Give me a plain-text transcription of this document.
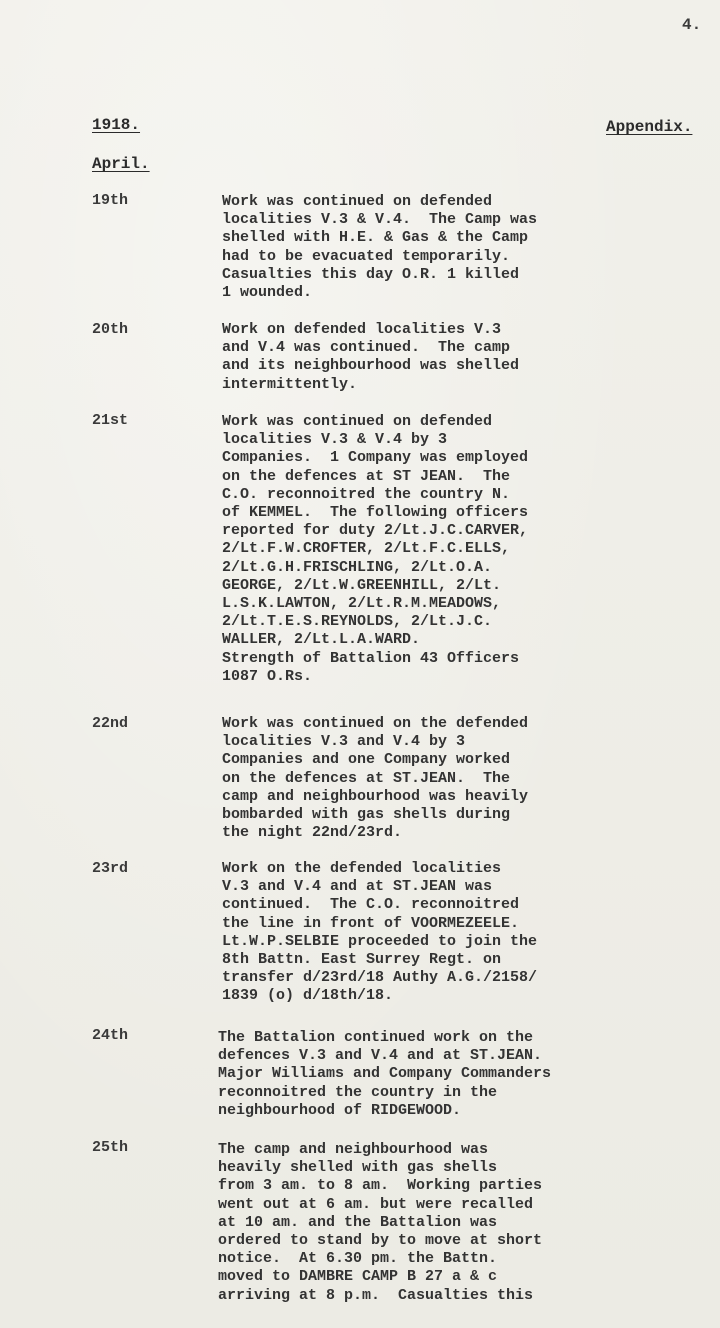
4.
1918.	Appendix.
April.
19th	Work was continued on defended
localities V.3 & V.4.  The Camp was
shelled with H.E. & Gas & the Camp
had to be evacuated temporarily.
Casualties this day O.R. 1 killed
1 wounded.
20th	Work on defended localities V.3
and V.4 was continued.  The camp
and its neighbourhood was shelled
intermittently.
21st	Work was continued on defended
localities V.3 & V.4 by 3
Companies.  1 Company was employed
on the defences at ST JEAN.  The
C.O. reconnoitred the country N.
of KEMMEL.  The following officers
reported for duty 2/Lt.J.C.CARVER,
2/Lt.F.W.CROFTER, 2/Lt.F.C.ELLS,
2/Lt.G.H.FRISCHLING, 2/Lt.O.A.
GEORGE, 2/Lt.W.GREENHILL, 2/Lt.
L.S.K.LAWTON, 2/Lt.R.M.MEADOWS,
2/Lt.T.E.S.REYNOLDS, 2/Lt.J.C.
WALLER, 2/Lt.L.A.WARD.
Strength of Battalion 43 Officers
1087 O.Rs.
22nd	Work was continued on the defended
localities V.3 and V.4 by 3
Companies and one Company worked
on the defences at ST.JEAN.  The
camp and neighbourhood was heavily
bombarded with gas shells during
the night 22nd/23rd.
23rd	Work on the defended localities
V.3 and V.4 and at ST.JEAN was
continued.  The C.O. reconnoitred
the line in front of VOORMEZEELE.
Lt.W.P.SELBIE proceeded to join the
8th Battn. East Surrey Regt. on
transfer d/23rd/18 Authy A.G./2158/
1839 (o) d/18th/18.
24th	The Battalion continued work on the
defences V.3 and V.4 and at ST.JEAN.
Major Williams and Company Commanders
reconnoitred the country in the
neighbourhood of RIDGEWOOD.
25th	The camp and neighbourhood was
heavily shelled with gas shells
from 3 am. to 8 am.  Working parties
went out at 6 am. but were recalled
at 10 am. and the Battalion was
ordered to stand by to move at short
notice.  At 6.30 pm. the Battn.
moved to DAMBRE CAMP B 27 a & c
arriving at 8 p.m.  Casualties this
